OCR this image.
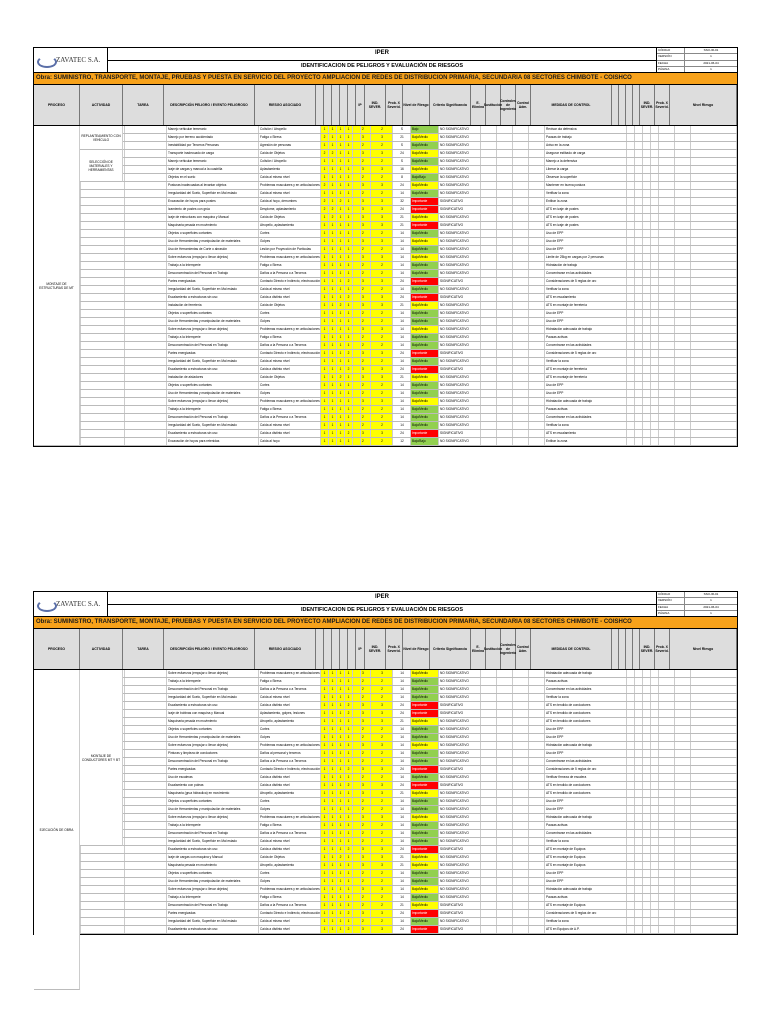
ZAVATEC S.A.
IPER
IDENTIFICACION DE PELIGROS Y EVALUACIÓN DE RIESGOS
CÓDIGO	SSO-IR-01
VERSIÓN	1
FECHA	2021-06-04
PÁGINA	1
Obra: SUMINISTRO, TRANSPORTE, MONTAJE, PRUEBAS Y PUESTA EN SERVICIO DEL PROYECTO AMPLIACION DE REDES DE DISTRIBUCION PRIMARIA, SECUNDARIA 08 SECTORES CHIMBOTE - COISHCO
PROCESO	ACTIVIDAD	TAREA	DESCRIPCIÓN PELIGRO / EVENTO PELIGROSO	RIESGO ASOCIADO	IP	IND. SEVER.
Prob. X Severid. Nivel de Riesgo	Criterio Significancia	E. Elimina Sustitución
Controles de Ingeniería
Control Adm.	MEDIDAS DE CONTROL	IND. SEVER.
Prob. X Severid.	Nivel Riesgo
Manejo vehicular temerario	Colisión / Atropello	1	1	1	1	2	2	S	Bajo	NO SIGNIFICATIVO	Revisar ola defensiva
Manejo por terreno accidentado	Fatiga o Stress	2	1	1	1	3	3	21	Bajo/Medio	NO SIGNIFICATIVO	Pausas de trabajo
Inestabilidad por Terceros Personas	Agresión de personas	1	1	1	1	2	2	S	Bajo/Medio	NO SIGNIFICATIVO	Aviso en la zona
Transporte inadecuado de carga	Caída de Objetos	2	2	1	1	3	3	24	Bajo/Medio	NO SIGNIFICATIVO	Asegurar estibado de carga
Manejo vehicular temerario	Colisión / Atropello	1	1	1	1	2	2	S	Bajo/Medio	NO SIGNIFICATIVO	Manejo a la defensiva
Izaje de cargas y manual a la cuadrilla	Aplastamiento	1	1	1	1	3	3	16	Bajo/Medio	NO SIGNIFICATIVO	Liberar la carga
Objetos en el suelo	Caída al mismo nivel	1	1	1	1	2	2	8	Bajo/Bajo	NO SIGNIFICATIVO	Observar la superficie
Posturas inadecuadas al levantar objetos	Problemas musculares y en articulaciones	2	1	1	1	3	3	24	Bajo/Medio	NO SIGNIFICATIVO	Mantener en buena postura
Irregularidad del Suelo, Superficie en Mal estado	Caída al mismo nivel	1	1	1	1	2	2	14	Bajo/Medio	NO SIGNIFICATIVO	Verificar la zona
Excavación de hoyos para postes	Caída al hoyo, derrumbes	2	1	2	1	3	3	32	Importante	SIGNIFICATIVO	Entibar la zona
Izamiento de postes con grúa	Desplome, aplastamiento	2	2	1	1	3	3	24	Importante	SIGNIFICATIVO	ATS en izaje de postes
Izaje de estructuras con maquina y Manual	Caída de Objetos	1	2	1	1	3	3	21	Bajo/Medio	NO SIGNIFICATIVO	ATS en izaje de postes
Maquinaria pesada en movimiento	Atropello, aplastamiento	1	1	1	1	3	3	21	Importante	SIGNIFICATIVO	ATS en izaje de postes
Objetos o superficies cortantes	Cortes	1	1	1	1	2	2	14	Bajo/Medio	NO SIGNIFICATIVO	Uso de EPP
Uso de Herramientas y manipulación de materiales	Golpes	1	1	1	1	3	3	14	Bajo/Medio	NO SIGNIFICATIVO	Uso de EPP
Uso de Herramientas de Corte o abrasión	Lesión por Proyección de Partículas	1	1	1	1	2	2	14	Bajo/Medio	NO SIGNIFICATIVO	Uso de EPP
Sobre esfuerzos (empujar o llevar objetos)	Problemas musculares y en articulaciones	1	1	1	1	3	3	14	Bajo/Medio	NO SIGNIFICATIVO	Limite de 25kg en cargas por 2 personas
Trabajo a la Intemperie	Fatiga o Stress	1	1	1	1	2	2	14	Bajo/Medio	NO SIGNIFICATIVO	Hidratación de trabajo
Desconcentración del Personal en Trabajo	Daños a la Persona o a Terceros	1	1	1	1	2	2	14	Bajo/Medio	NO SIGNIFICATIVO	Concentrarse en las actividades
Partes energizadas	Contacto Directo e Indirecto, electrocución	1	1	1	2	3	3	24	Importante	SIGNIFICATIVO	Consideraciones de 5 reglas de oro
Irregularidad del Suelo, Superficie en Mal estado	Caída al mismo nivel	1	1	1	1	2	2	14	Bajo/Medio	NO SIGNIFICATIVO	Verificar la zona
Escalamiento a estructuras sin uso	Caída a distinto nivel	1	1	1	2	3	3	24	Importante	SIGNIFICATIVO	ATS en escalamiento
Instalación de ferretería	Caída de Objetos	1	1	2	1	3	3	21	Bajo/Medio	NO SIGNIFICATIVO	ATS en montaje de ferretería
Objetos o superficies cortantes	Cortes	1	1	1	1	2	2	14	Bajo/Medio	NO SIGNIFICATIVO	Uso de EPP
Uso de Herramientas y manipulación de materiales	Golpes	1	1	1	1	2	2	14	Bajo/Medio	NO SIGNIFICATIVO	Uso de EPP
Sobre esfuerzos (empujar o llevar objetos)	Problemas musculares y en articulaciones	1	1	1	1	3	3	14	Bajo/Medio	NO SIGNIFICATIVO	Hidratación adecuada de trabajo
Trabajo a la Intemperie	Fatiga o Stress	1	1	1	1	2	2	14	Bajo/Medio	NO SIGNIFICATIVO	Pausas activas
Desconcentración del Personal en Trabajo	Daños a la Persona o a Terceros	1	1	1	1	2	2	14	Bajo/Medio	NO SIGNIFICATIVO	Concentrarse en las actividades
Partes energizadas	Contacto Directo e Indirecto, electrocución	1	1	1	2	3	3	24	Importante	SIGNIFICATIVO	Consideraciones de 5 reglas de oro
Irregularidad del Suelo, Superficie en Mal estado	Caída al mismo nivel	1	1	1	1	2	2	14	Bajo/Medio	NO SIGNIFICATIVO	Verificar la zona
Escalamiento a estructuras sin uso	Caída a distinto nivel	1	1	1	2	3	3	24	Importante	SIGNIFICATIVO	ATS en montaje de ferretería
Instalación de aisladores	Caída de Objetos	1	1	2	1	3	3	21	Bajo/Medio	NO SIGNIFICATIVO	ATS en montaje de ferretería
Objetos o superficies cortantes	Cortes	1	1	1	1	2	2	14	Bajo/Medio	NO SIGNIFICATIVO	Uso de EPP
Uso de Herramientas y manipulación de materiales	Golpes	1	1	1	1	2	2	14	Bajo/Medio	NO SIGNIFICATIVO	Uso de EPP
Sobre esfuerzos (empujar o llevar objetos)	Problemas musculares y en articulaciones	1	1	1	1	3	3	14	Bajo/Medio	NO SIGNIFICATIVO	Hidratación adecuada de trabajo
Trabajo a la Intemperie	Fatiga o Stress	1	1	1	1	2	2	14	Bajo/Medio	NO SIGNIFICATIVO	Pausas activas
Desconcentración del Personal en Trabajo	Daños a la Persona o a Terceros	1	1	1	1	2	2	14	Bajo/Medio	NO SIGNIFICATIVO	Concentrarse en las actividades
Irregularidad del Suelo, Superficie en Mal estado	Caída al mismo nivel	1	1	1	1	2	2	14	Bajo/Medio	NO SIGNIFICATIVO	Verificar la zona
Escalamiento a estructuras sin uso	Caída a distinto nivel	1	1	1	2	3	3	24	Importante	SIGNIFICATIVO	ATS en escalamiento
Excavación de hoyos para retenidas	Caída al hoyo	1	1	1	1	2	2	12	Bajo/Bajo	NO SIGNIFICATIVO	Entibar la zona
MONTAJE DE ESTRUCTURAS DE MT
REPLANTEAMIENTO CON VEHÍCULO
SELECCIÓN DE MATERIALES Y HERRAMIENTAS
ZAVATEC S.A.
IPER
IDENTIFICACION DE PELIGROS Y EVALUACIÓN DE RIESGOS
CÓDIGO	SSO-IR-01
VERSIÓN	1
FECHA	2021-06-04
PÁGINA	1
Obra: SUMINISTRO, TRANSPORTE, MONTAJE, PRUEBAS Y PUESTA EN SERVICIO DEL PROYECTO AMPLIACION DE REDES DE DISTRIBUCION PRIMARIA, SECUNDARIA 08 SECTORES CHIMBOTE - COISHCO
PROCESO	ACTIVIDAD	TAREA	DESCRIPCIÓN PELIGRO / EVENTO PELIGROSO	RIESGO ASOCIADO	IP	IND. SEVER.
Prob. X Severid. Nivel de Riesgo	Criterio Significancia	E. Elimina Sustitución
Controles de Ingeniería
Control Adm.	MEDIDAS DE CONTROL	IND. SEVER.
Prob. X Severid.	Nivel Riesgo
Sobre esfuerzos (empujar o llevar objetos)	Problemas musculares y en articulaciones	1	1	1	1	3	3	14	Bajo/Medio	NO SIGNIFICATIVO	Hidratación adecuada de trabajo
Trabajo a la Intemperie	Fatiga o Stress	1	1	1	1	2	2	14	Bajo/Medio	NO SIGNIFICATIVO	Pausas activas
Desconcentración del Personal en Trabajo	Daños a la Persona o a Terceros	1	1	1	1	2	2	14	Bajo/Medio	NO SIGNIFICATIVO	Concentrarse en las actividades
Irregularidad del Suelo, Superficie en Mal estado	Caída al mismo nivel	1	1	1	1	2	2	14	Bajo/Medio	NO SIGNIFICATIVO	Verificar la zona
Escalamiento a estructuras sin uso	Caída a distinto nivel	1	1	1	2	3	3	24	Importante	SIGNIFICATIVO	ATS en tendido de conductores
Izaje de bobinas con maquina y Manual	Aplastamiento, golpes, lesiones	1	1	1	2	3	3	24	Importante	SIGNIFICATIVO	ATS en tendido de conductores
Maquinaria pesada en movimiento	Atropello, aplastamiento	1	1	1	1	3	3	21	Bajo/Medio	NO SIGNIFICATIVO	ATS en tendido de conductores
Objetos o superficies cortantes	Cortes	1	1	1	1	2	2	14	Bajo/Medio	NO SIGNIFICATIVO	Uso de EPP
Uso de Herramientas y manipulación de materiales	Golpes	1	1	1	1	2	2	14	Bajo/Medio	NO SIGNIFICATIVO	Uso de EPP
Sobre esfuerzos (empujar o llevar objetos)	Problemas musculares y en articulaciones	1	1	1	1	3	3	14	Bajo/Medio	NO SIGNIFICATIVO	Hidratación adecuada de trabajo
Pinturas y limpieza de conductores	Daños al personal y terceros	1	1	1	1	2	2	14	Bajo/Medio	NO SIGNIFICATIVO	Uso de EPP
Desconcentración del Personal en Trabajo	Daños a la Persona o a Terceros	1	1	1	1	2	2	14	Bajo/Medio	NO SIGNIFICATIVO	Concentrarse en las actividades
Partes energizadas	Contacto Directo e Indirecto, electrocución	1	1	1	2	3	3	24	Importante	SIGNIFICATIVO	Consideraciones de 5 reglas de oro
Uso de escaleras	Caída a distinto nivel	1	1	1	1	2	2	14	Bajo/Medio	NO SIGNIFICATIVO	Verificar firmeza de escalera
Escalamiento con poleas	Caída a distinto nivel	1	1	1	2	3	3	24	Importante	SIGNIFICATIVO	ATS en tendido de conductores
Maquinaria (grua hidraulica) en movimiento	Atropello, aplastamiento	1	1	1	1	3	3	21	Bajo/Medio	NO SIGNIFICATIVO	ATS en tendido de conductores
Objetos o superficies cortantes	Cortes	1	1	1	1	2	2	14	Bajo/Medio	NO SIGNIFICATIVO	Uso de EPP
Uso de Herramientas y manipulación de materiales	Golpes	1	1	1	1	2	2	14	Bajo/Medio	NO SIGNIFICATIVO	Uso de EPP
Sobre esfuerzos (empujar o llevar objetos)	Problemas musculares y en articulaciones	1	1	1	1	3	3	14	Bajo/Medio	NO SIGNIFICATIVO	Hidratación adecuada de trabajo
Trabajo a la Intemperie	Fatiga o Stress	1	1	1	1	2	2	14	Bajo/Medio	NO SIGNIFICATIVO	Pausas activas
Desconcentración del Personal en Trabajo	Daños a la Persona o a Terceros	1	1	1	1	2	2	14	Bajo/Medio	NO SIGNIFICATIVO	Concentrarse en las actividades
Irregularidad del Suelo, Superficie en Mal estado	Caída al mismo nivel	1	1	1	1	2	2	14	Bajo/Medio	NO SIGNIFICATIVO	Verificar la zona
Escalamiento a estructuras sin uso	Caída a distinto nivel	1	1	1	2	3	3	24	Importante	SIGNIFICATIVO	ATS en montaje de Equipos
Izaje de cargas con maquina y Manual	Caída de Objetos	1	1	2	1	3	3	21	Bajo/Medio	NO SIGNIFICATIVO	ATS en montaje de Equipos
Maquinaria pesada en movimiento	Atropello, aplastamiento	1	1	1	1	3	3	21	Bajo/Medio	NO SIGNIFICATIVO	ATS en montaje de Equipos
Objetos o superficies cortantes	Cortes	1	1	1	1	2	2	14	Bajo/Medio	NO SIGNIFICATIVO	Uso de EPP
Uso de Herramientas y manipulación de materiales	Golpes	1	1	1	1	2	2	14	Bajo/Medio	NO SIGNIFICATIVO	Uso de EPP
Sobre esfuerzos (empujar o llevar objetos)	Problemas musculares y en articulaciones	1	1	1	1	3	3	14	Bajo/Medio	NO SIGNIFICATIVO	Hidratación adecuada de trabajo
Trabajo a la Intemperie	Fatiga o Stress	1	1	1	1	2	2	14	Bajo/Medio	NO SIGNIFICATIVO	Pausas activas
Desconcentración del Personal en Trabajo	Daños a la Persona o a Terceros	1	1	1	1	2	2	21	Bajo/Medio	SIGNIFICATIVO	ATS en montaje de Equipos
Partes energizadas	Contacto Directo e Indirecto, electrocución	1	1	1	2	3	3	24	Importante	SIGNIFICATIVO	Consideraciones de 5 reglas de oro
Irregularidad del Suelo, Superficie en Mal estado	Caída al mismo nivel	1	1	1	1	2	2	14	Bajo/Medio	NO SIGNIFICATIVO	Verificar la zona
Escalamiento a estructuras sin uso	Caída a distinto nivel	1	1	1	2	3	3	24	Importante	SIGNIFICATIVO	ATS en Equipos de A.P.
EJECUCIÓN DE OBRA
MONTAJE DE CONDUCTORES MT Y BT
